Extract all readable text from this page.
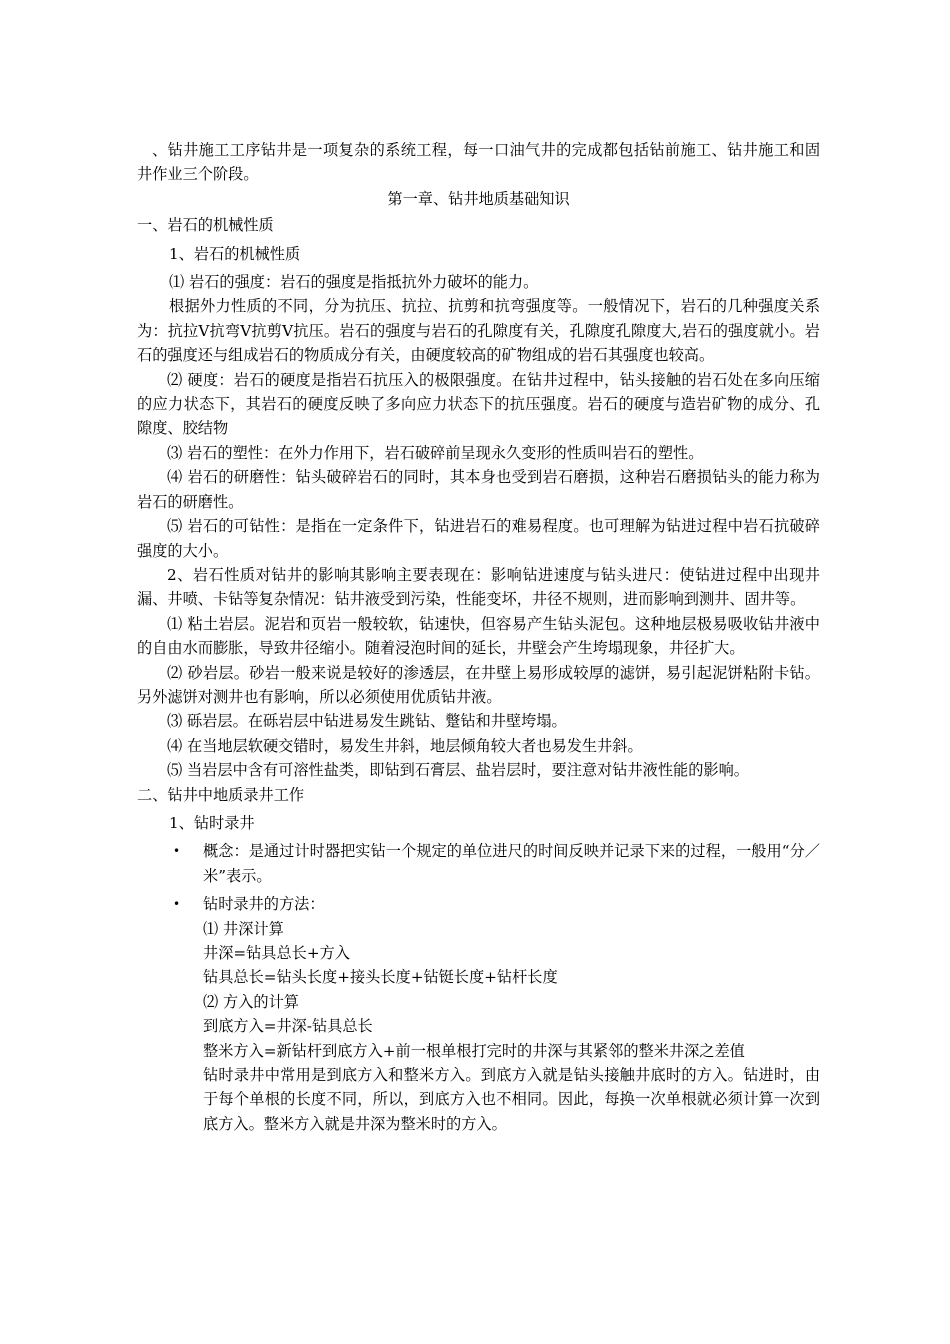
、钻井施工工序钻井是一项复杂的系统工程，每一口油气井的完成都包括钻前施工、钻井施工和固井作业三个阶段。

第一章、钻井地质基础知识

一、岩石的机械性质

1、岩石的机械性质

⑴ 岩石的强度：岩石的强度是指抵抗外力破坏的能力。

根据外力性质的不同，分为抗压、抗拉、抗剪和抗弯强度等。一般情况下，岩石的几种强度关系为：抗拉Ⅴ抗弯Ⅴ抗剪Ⅴ抗压。岩石的强度与岩石的孔隙度有关，孔隙度孔隙度大,岩石的强度就小。岩石的强度还与组成岩石的物质成分有关，由硬度较高的矿物组成的岩石其强度也较高。

⑵ 硬度：岩石的硬度是指岩石抗压入的极限强度。在钻井过程中，钻头接触的岩石处在多向压缩的应力状态下，其岩石的硬度反映了多向应力状态下的抗压强度。岩石的硬度与造岩矿物的成分、孔隙度、胶结物

⑶ 岩石的塑性：在外力作用下，岩石破碎前呈现永久变形的性质叫岩石的塑性。

⑷ 岩石的研磨性：钻头破碎岩石的同时，其本身也受到岩石磨损，这种岩石磨损钻头的能力称为岩石的研磨性。

⑸ 岩石的可钻性：是指在一定条件下，钻进岩石的难易程度。也可理解为钻进过程中岩石抗破碎强度的大小。

2、岩石性质对钻井的影响其影响主要表现在：影响钻进速度与钻头进尺：使钻进过程中出现井漏、井喷、卡钻等复杂情况：钻井液受到污染，性能变坏，井径不规则，进而影响到测井、固井等。

⑴ 粘土岩层。泥岩和页岩一般较软，钻速快，但容易产生钻头泥包。这种地层极易吸收钻井液中的自由水而膨胀，导致井径缩小。随着浸泡时间的延长，井壁会产生垮塌现象，井径扩大。

⑵ 砂岩层。砂岩一般来说是较好的渗透层，在井壁上易形成较厚的滤饼，易引起泥饼粘附卡钻。另外滤饼对测井也有影响，所以必须使用优质钻井液。

⑶ 砾岩层。在砾岩层中钻进易发生跳钻、蹩钻和井壁垮塌。

⑷ 在当地层软硬交错时，易发生井斜，地层倾角较大者也易发生井斜。

⑸ 当岩层中含有可溶性盐类，即钻到石膏层、盐岩层时，要注意对钻井液性能的影响。

二、钻井中地质录井工作

1、钻时录井

• 概念：是通过计时器把实钻一个规定的单位进尺的时间反映并记录下来的过程，一般用“分／米”表示。
• 钻时录井的方法：

⑴ 井深计算

井深=钻具总长+方入

钻具总长=钻头长度+接头长度+钻铤长度+钻杆长度

⑵ 方入的计算

到底方入=井深-钻具总长

整米方入=新钻杆到底方入+前一根单根打完时的井深与其紧邻的整米井深之差值

钻时录井中常用是到底方入和整米方入。到底方入就是钻头接触井底时的方入。钻进时，由于每个单根的长度不同，所以，到底方入也不相同。因此，每换一次单根就必须计算一次到底方入。整米方入就是井深为整米时的方入。
